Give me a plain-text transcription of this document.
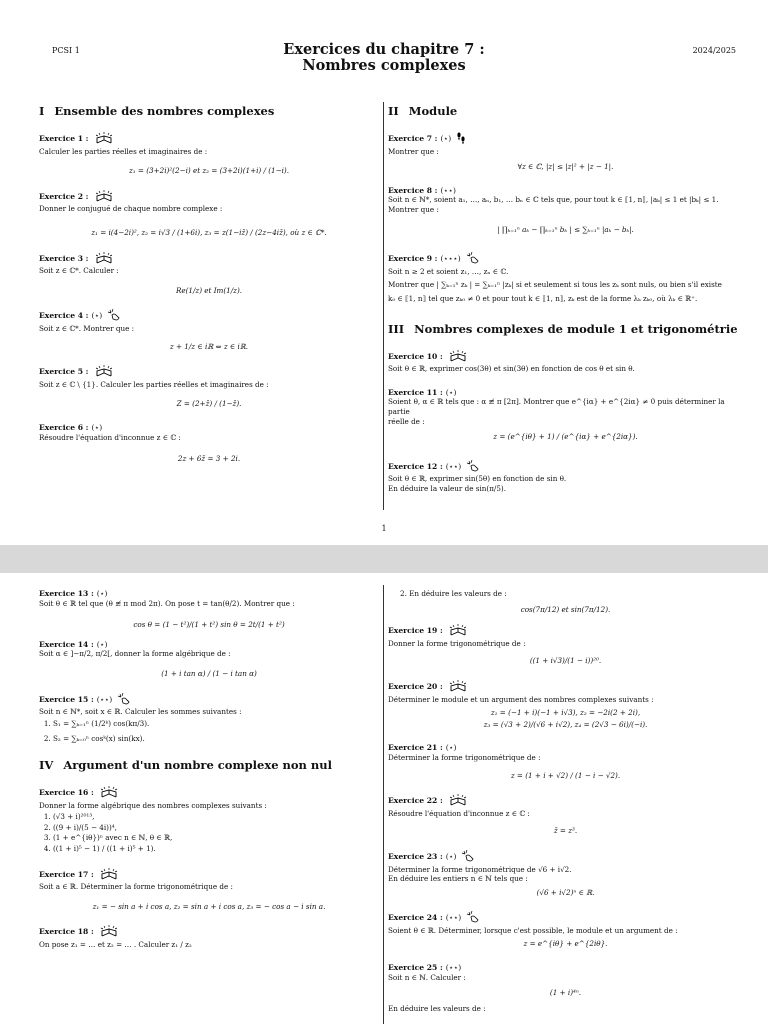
PCSI 1	2024/2025
Exercices du chapitre 7 :
Nombres complexes
I Ensemble des nombres complexes
Exercice 1 :
Calculer les parties réelles et imaginaires de :
z₁ = (3+2i)²(2−i) et z₂ = (3+2i)(1+i) / (1−i).
Exercice 2 :
Donner le conjugué de chaque nombre complexe :
z₁ = i(4−2i)², z₂ = i√3 / (1+6i), z₃ = z(1−iz̄) / (2z−4iz̄), où z ∈ ℂ*.
Exercice 3 :
Soit z ∈ ℂ*. Calculer :
Re(1/z) et Im(1/z).
Exercice 4 : (⋆)
Soit z ∈ ℂ*. Montrer que :
z + 1/z ∈ iℝ ⇔ z ∈ iℝ.
Exercice 5 :
Soit z ∈ ℂ \ {1}. Calculer les parties réelles et imaginaires de :
Z = (2+z̄) / (1−z̄).
Exercice 6 : (⋆)
Résoudre l'équation d'inconnue z ∈ ℂ :
2z + 6z̄ = 3 + 2i.
II Module
Exercice 7 : (⋆)
Montrer que :
∀z ∈ ℂ, |z| ≤ |z|² + |z − 1|.
Exercice 8 : (⋆⋆)
Soit n ∈ ℕ*, soient a₁, …, aₙ, b₁, … bₙ ∈ ℂ tels que, pour tout k ∈ ⟦1, n⟧, |aₖ| ≤ 1 et |bₖ| ≤ 1.
Montrer que :
| ∏ₖ₌₁ⁿ aₖ − ∏ₖ₌₁ⁿ bₖ | ≤ ∑ₖ₌₁ⁿ |aₖ − bₖ|.
Exercice 9 : (⋆⋆⋆)
Soit n ≥ 2 et soient z₁, …, zₙ ∈ ℂ.
Montrer que | ∑ₖ₌₁ⁿ zₖ | = ∑ₖ₌₁ⁿ |zₖ| si et seulement si tous les zₖ sont nuls, ou bien s'il existe
k₀ ∈ ⟦1, n⟧ tel que zₖ₀ ≠ 0 et pour tout k ∈ ⟦1, n⟧, zₖ est de la forme λₖ zₖ₀, où λₖ ∈ ℝ⁺.
III Nombres complexes de module 1 et trigonométrie
Exercice 10 :
Soit θ ∈ ℝ, exprimer cos(3θ) et sin(3θ) en fonction de cos θ et sin θ.
Exercice 11 : (⋆)
Soient θ, α ∈ ℝ tels que : α ≢ π [2π]. Montrer que e^{iα} + e^{2iα} ≠ 0 puis déterminer la partie
réelle de :
z = (e^{iθ} + 1) / (e^{iα} + e^{2iα}).
Exercice 12 : (⋆⋆)
Soit θ ∈ ℝ, exprimer sin(5θ) en fonction de sin θ.
En déduire la valeur de sin(π/5).
1
Exercice 13 : (⋆)
Soit θ ∈ ℝ tel que (θ ≢ π mod 2π). On pose t = tan(θ/2). Montrer que :
cos θ = (1 − t²)/(1 + t²) sin θ = 2t/(1 + t²)
Exercice 14 : (⋆)
Soit α ∈ ]−π/2, π/2[, donner la forme algébrique de :
(1 + i tan α) / (1 − i tan α)
Exercice 15 : (⋆⋆)
Soit n ∈ ℕ*, soit x ∈ ℝ. Calculer les sommes suivantes :
1. S₁ = ∑ₖ₌₁ⁿ (1/2ᵏ) cos(kπ/3).
2. S₂ = ∑ₖ₌₀ⁿ cosᵏ(x) sin(kx).
IV Argument d'un nombre complexe non nul
Exercice 16 :
Donner la forme algébrique des nombres complexes suivants :
1. (√3 + i)²⁰¹³,
2. ((9 + i)/(5 − 4i))⁴,
3. (1 + e^{iθ})ⁿ avec n ∈ ℕ, θ ∈ ℝ,
4. ((1 + i)⁵ − 1) / ((1 + i)⁵ + 1).
Exercice 17 :
Soit a ∈ ℝ. Déterminer la forme trigonométrique de :
z₁ = − sin a + i cos a, z₂ = sin a + i cos a, z₃ = − cos a − i sin a.
Exercice 18 :
On pose z₁ = … et z₂ = … . Calculer z₁ / z₂
2. En déduire les valeurs de :
cos(7π/12) et sin(7π/12).
Exercice 19 :
Donner la forme trigonométrique de :
((1 + i√3)/(1 − i))²⁰.
Exercice 20 :
Déterminer le module et un argument des nombres complexes suivants :
z₁ = (−1 + i)(−1 + i√3), z₂ = −2i(2 + 2i),
z₃ = (√3 + 2)/(√6 + i√2), z₄ = (2√3 − 6i)/(−i).
Exercice 21 : (⋆)
Déterminer la forme trigonométrique de :
z = (1 + i + √2) / (1 − i − √2).
Exercice 22 :
Résoudre l'équation d'inconnue z ∈ ℂ :
z̄ = z³.
Exercice 23 : (⋆)
Déterminer la forme trigonométrique de √6 + i√2.
En déduire les entiers n ∈ ℕ tels que :
(√6 + i√2)ⁿ ∈ ℝ.
Exercice 24 : (⋆⋆)
Soient θ ∈ ℝ. Déterminer, lorsque c'est possible, le module et un argument de :
z = e^{iθ} + e^{2iθ}.
Exercice 25 : (⋆⋆)
Soit n ∈ ℕ. Calculer :
(1 + i)⁴ⁿ.
En déduire les valeurs de :
